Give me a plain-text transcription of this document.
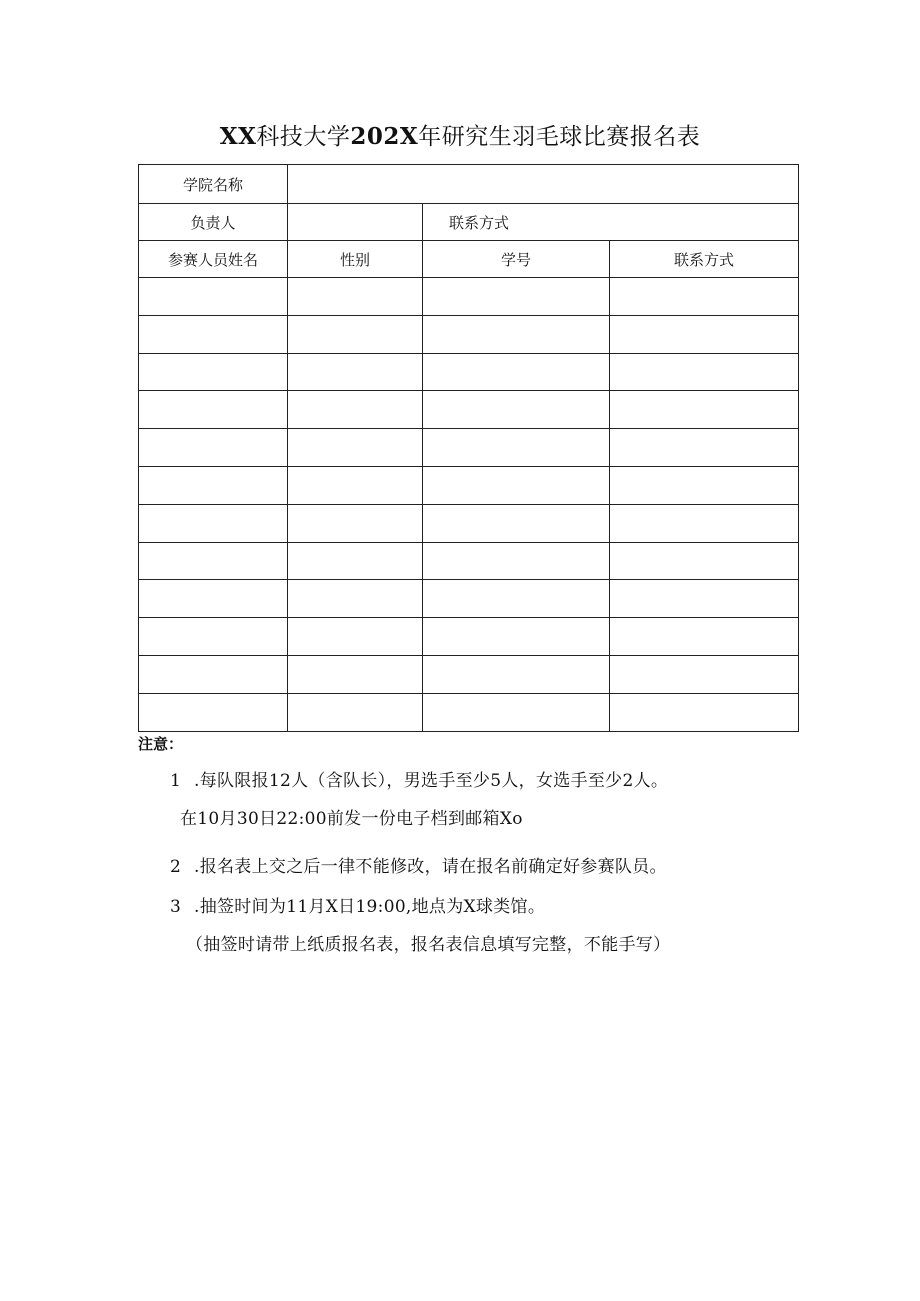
XX科技大学202X年研究生羽毛球比赛报名表
学院名称			
负责人		联系方式	
参赛人员姓名	性别	学号	联系方式

注意：
1 .每队限报12人（含队长），男选手至少5人，女选手至少2人。
在10月30日22:00前发一份电子档到邮箱Xo
2 .报名表上交之后一律不能修改，请在报名前确定好参赛队员。
3 .抽签时间为11月X日19:00,地点为X球类馆。
（抽签时请带上纸质报名表，报名表信息填写完整，不能手写）
